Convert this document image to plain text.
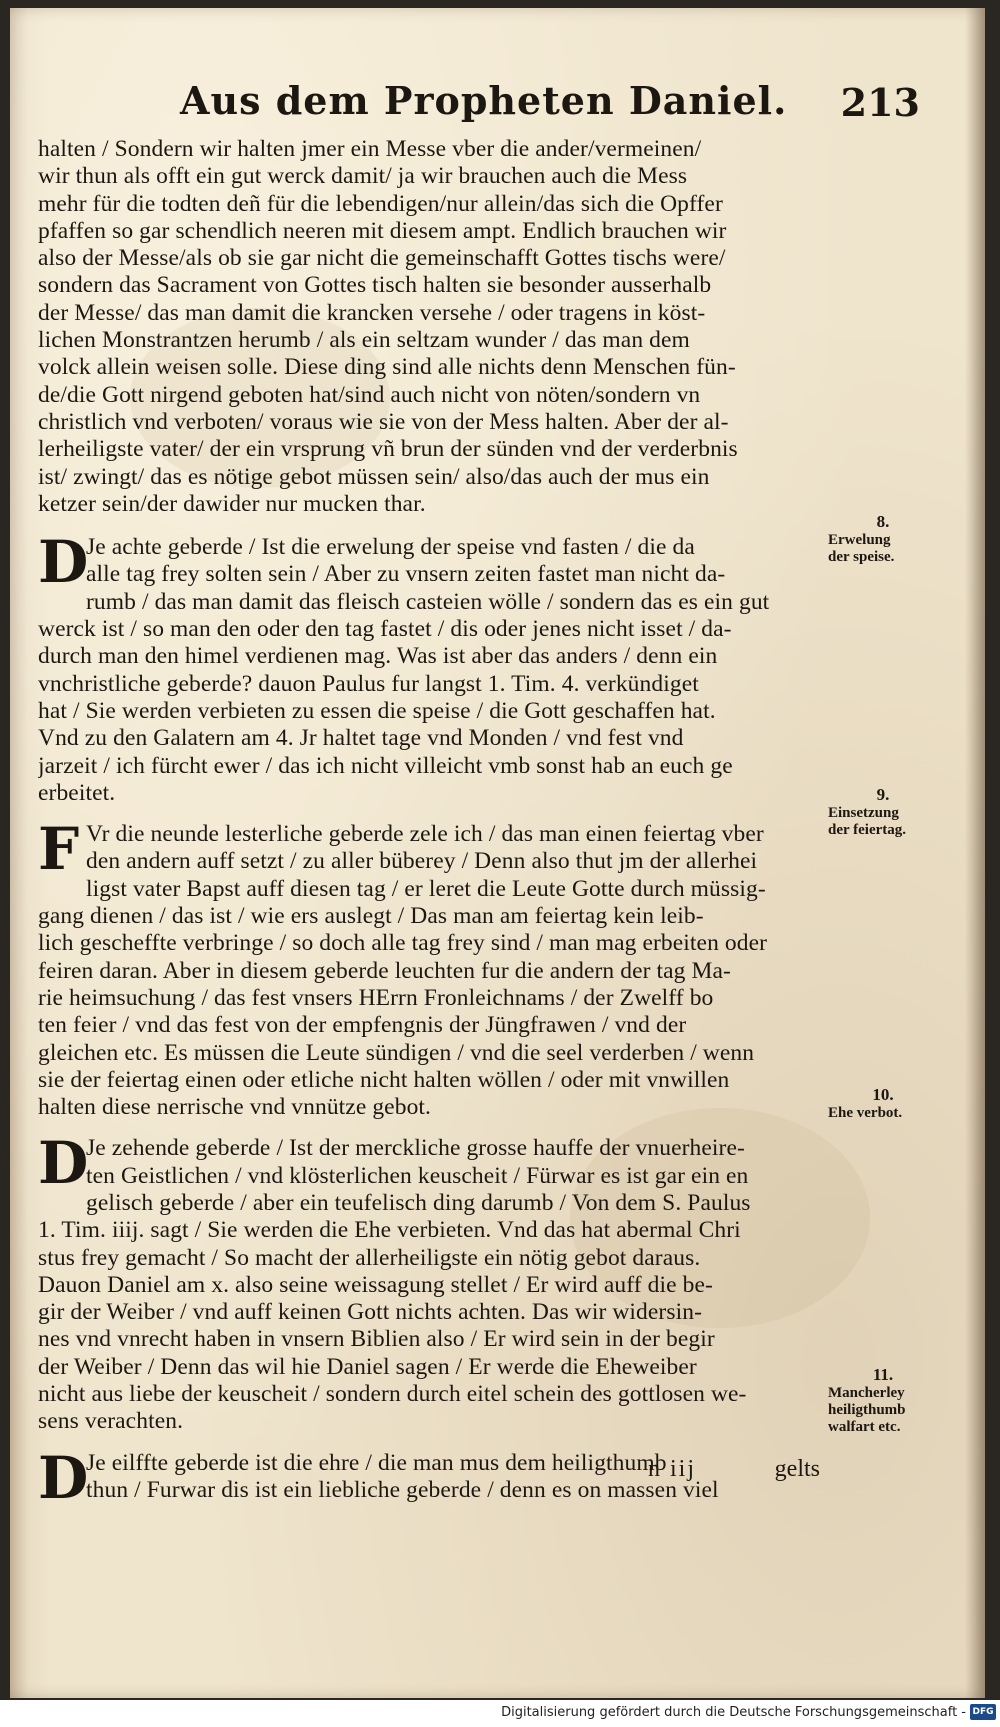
Aus dem Propheten Daniel. 213
halten / Sondern wir halten jmer ein Messe vber die ander/vermeinen/
wir thun als offt ein gut werck damit/ ja wir brauchen auch die Mess
mehr für die todten deñ für die lebendigen/nur allein/das sich die Opffer
pfaffen so gar schendlich neeren mit diesem ampt. Endlich brauchen wir
also der Messe/als ob sie gar nicht die gemeinschafft Gottes tischs were/
sondern das Sacrament von Gottes tisch halten sie besonder ausserhalb
der Messe/ das man damit die krancken versehe / oder tragens in köst-
lichen Monstrantzen herumb / als ein seltzam wunder / das man dem
volck allein weisen solle. Diese ding sind alle nichts denn Menschen fün-
de/die Gott nirgend geboten hat/sind auch nicht von nöten/sondern vn
christlich vnd verboten/ voraus wie sie von der Mess halten. Aber der al-
lerheiligste vater/ der ein vrsprung vñ brun der sünden vnd der verderbnis
ist/ zwingt/ das es nötige gebot müssen sein/ also/das auch der mus ein
ketzer sein/der dawider nur mucken thar.
D
Je achte geberde / Ist die erwelung der speise vnd fasten / die da
alle tag frey solten sein / Aber zu vnsern zeiten fastet man nicht da-
rumb / das man damit das fleisch casteien wölle / sondern das es ein gut
werck ist / so man den oder den tag fastet / dis oder jenes nicht isset / da-
durch man den himel verdienen mag. Was ist aber das anders / denn ein
vnchristliche geberde? dauon Paulus fur langst 1. Tim. 4. verkündiget
hat / Sie werden verbieten zu essen die speise / die Gott geschaffen hat.
Vnd zu den Galatern am 4. Jr haltet tage vnd Monden / vnd fest vnd
jarzeit / ich fürcht ewer / das ich nicht villeicht vmb sonst hab an euch ge
erbeitet.
F Vr die neunde lesterliche geberde zele ich / das man einen feiertag vber
den andern auff setzt / zu aller büberey / Denn also thut jm der allerhei
ligst vater Bapst auff diesen tag / er leret die Leute Gotte durch müssig-
gang dienen / das ist / wie ers auslegt / Das man am feiertag kein leib-
lich gescheffte verbringe / so doch alle tag frey sind / man mag erbeiten oder
feiren daran. Aber in diesem geberde leuchten fur die andern der tag Ma-
rie heimsuchung / das fest vnsers HErrn Fronleichnams / der Zwelff bo
ten feier / vnd das fest von der empfengnis der Jüngfrawen / vnd der
gleichen etc. Es müssen die Leute sündigen / vnd die seel verderben / wenn
sie der feiertag einen oder etliche nicht halten wöllen / oder mit vnwillen
halten diese nerrische vnd vnnütze gebot.
D
Je zehende geberde / Ist der merckliche grosse hauffe der vnuerheire-
ten Geistlichen / vnd klösterlichen keuscheit / Fürwar es ist gar ein en
gelisch geberde / aber ein teufelisch ding darumb / Von dem S. Paulus
1. Tim. iiij. sagt / Sie werden die Ehe verbieten. Vnd das hat abermal Chri
stus frey gemacht / So macht der allerheiligste ein nötig gebot daraus.
Dauon Daniel am x. also seine weissagung stellet / Er wird auff die be-
gir der Weiber / vnd auff keinen Gott nichts achten. Das wir widersin-
nes vnd vnrecht haben in vnsern Biblien also / Er wird sein in der begir
der Weiber / Denn das wil hie Daniel sagen / Er werde die Eheweiber
nicht aus liebe der keuscheit / sondern durch eitel schein des gottlosen we-
sens verachten.
D
Je eilffte geberde ist die ehre / die man mus dem heiligthumb
thun / Furwar dis ist ein liebliche geberde / denn es on massen viel
8.
Erwelung
der speise.
9.
Einsetzung
der feiertag.
10.
Ehe verbot.
11.
Mancherley
heiligthumb
walfart etc.
n iij	gelts
Digitalisierung gefördert durch die Deutsche Forschungsgemeinschaft - DFG
